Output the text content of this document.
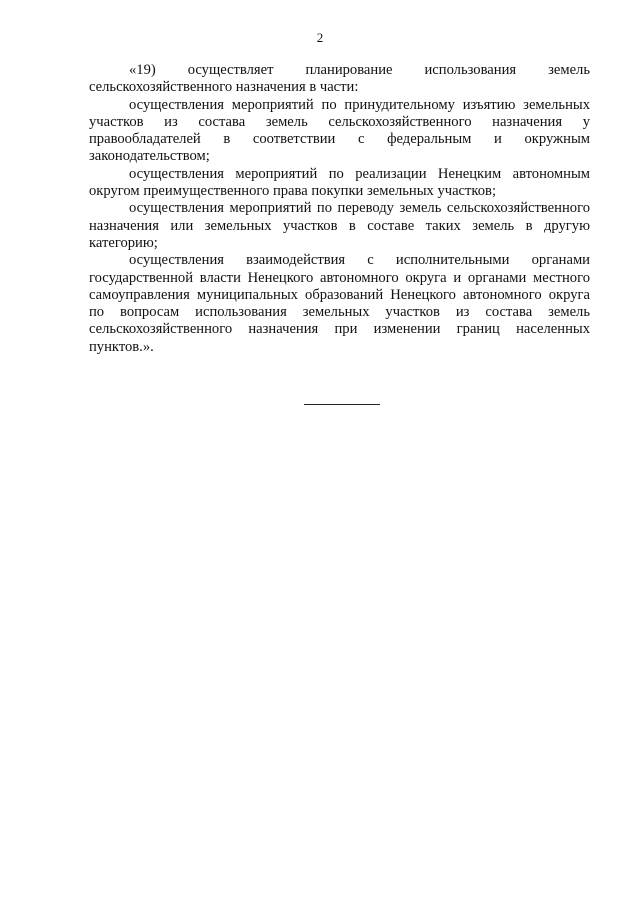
2

«19) осуществляет планирование использования земель сельскохозяйственного назначения в части:

осуществления мероприятий по принудительному изъятию земельных участков из состава земель сельскохозяйственного назначения у правообладателей в соответствии с федеральным и окружным законодательством;

осуществления мероприятий по реализации Ненецким автономным округом преимущественного права покупки земельных участков;

осуществления мероприятий по переводу земель сельскохозяйственного назначения или земельных участков в составе таких земель в другую категорию;

осуществления взаимодействия с исполнительными органами государственной власти Ненецкого автономного округа и органами местного самоуправления муниципальных образований Ненецкого автономного округа по вопросам использования земельных участков из состава земель сельскохозяйственного назначения при изменении границ населенных пунктов.».
